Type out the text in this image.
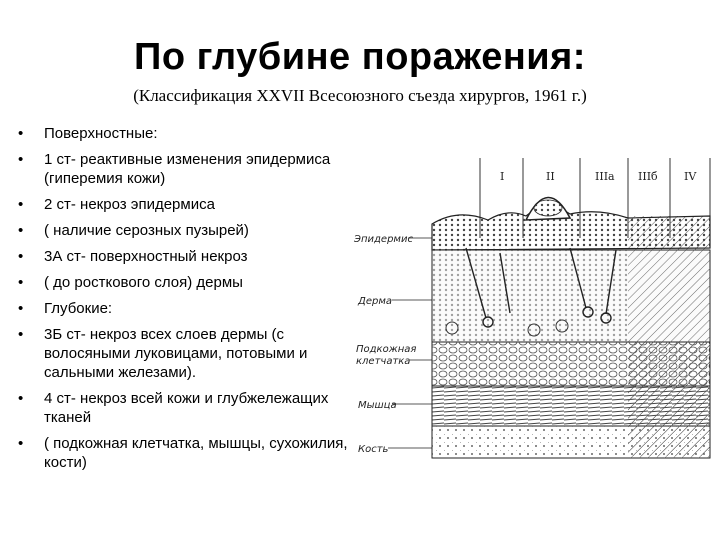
По глубине поражения:
(Классификация XXVII Всесоюзного съезда хирургов, 1961 г.)
• Поверхностные:
• 1 ст- реактивные изменения эпидермиса (гиперемия кожи)
• 2 ст- некроз эпидермиса
• ( наличие серозных пузырей)
• 3А ст- поверхностный некроз
• ( до росткового слоя) дермы
• Глубокие:
• 3Б ст- некроз всех слоев дермы (с волосяными луковицами, потовыми и сальными железами).
• 4 ст- некроз всей кожи и глубжележащих тканей
• ( подкожная клетчатка, мышцы, сухожилия, кости)
I	II	IIIа IIIб IV
Эпидермис
Дерма
Подкожная
клетчатка
Мышца
Кость
